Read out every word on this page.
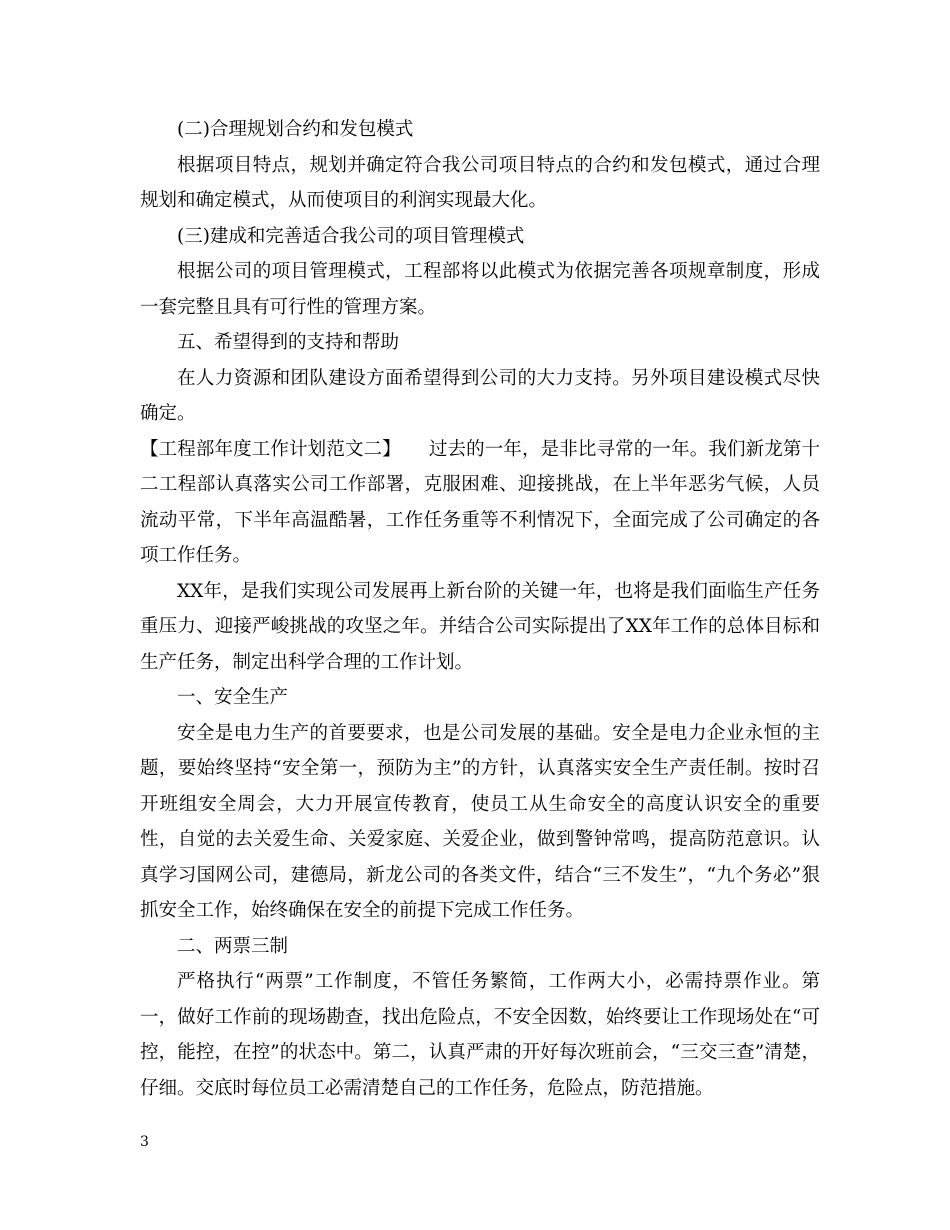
(二)合理规划合约和发包模式

根据项目特点，规划并确定符合我公司项目特点的合约和发包模式，通过合理规划和确定模式，从而使项目的利润实现最大化。

(三)建成和完善适合我公司的项目管理模式

根据公司的项目管理模式，工程部将以此模式为依据完善各项规章制度，形成一套完整且具有可行性的管理方案。

五、希望得到的支持和帮助

在人力资源和团队建设方面希望得到公司的大力支持。另外项目建设模式尽快确定。

【工程部年度工作计划范文二】　　过去的一年，是非比寻常的一年。我们新龙第十二工程部认真落实公司工作部署，克服困难、迎接挑战，在上半年恶劣气候，人员流动平常，下半年高温酷暑，工作任务重等不利情况下，全面完成了公司确定的各项工作任务。

XX年，是我们实现公司发展再上新台阶的关键一年，也将是我们面临生产任务重压力、迎接严峻挑战的攻坚之年。并结合公司实际提出了XX年工作的总体目标和生产任务，制定出科学合理的工作计划。

一、安全生产

安全是电力生产的首要要求，也是公司发展的基础。安全是电力企业永恒的主题，要始终坚持“安全第一，预防为主”的方针，认真落实安全生产责任制。按时召开班组安全周会，大力开展宣传教育，使员工从生命安全的高度认识安全的重要性，自觉的去关爱生命、关爱家庭、关爱企业，做到警钟常鸣，提高防范意识。认真学习国网公司，建德局，新龙公司的各类文件，结合“三不发生”，“九个务必”狠抓安全工作，始终确保在安全的前提下完成工作任务。

二、两票三制

严格执行“两票”工作制度，不管任务繁简，工作两大小，必需持票作业。第一，做好工作前的现场勘查，找出危险点，不安全因数，始终要让工作现场处在“可控，能控，在控”的状态中。第二，认真严肃的开好每次班前会，“三交三查”清楚，仔细。交底时每位员工必需清楚自己的工作任务，危险点，防范措施。

3
